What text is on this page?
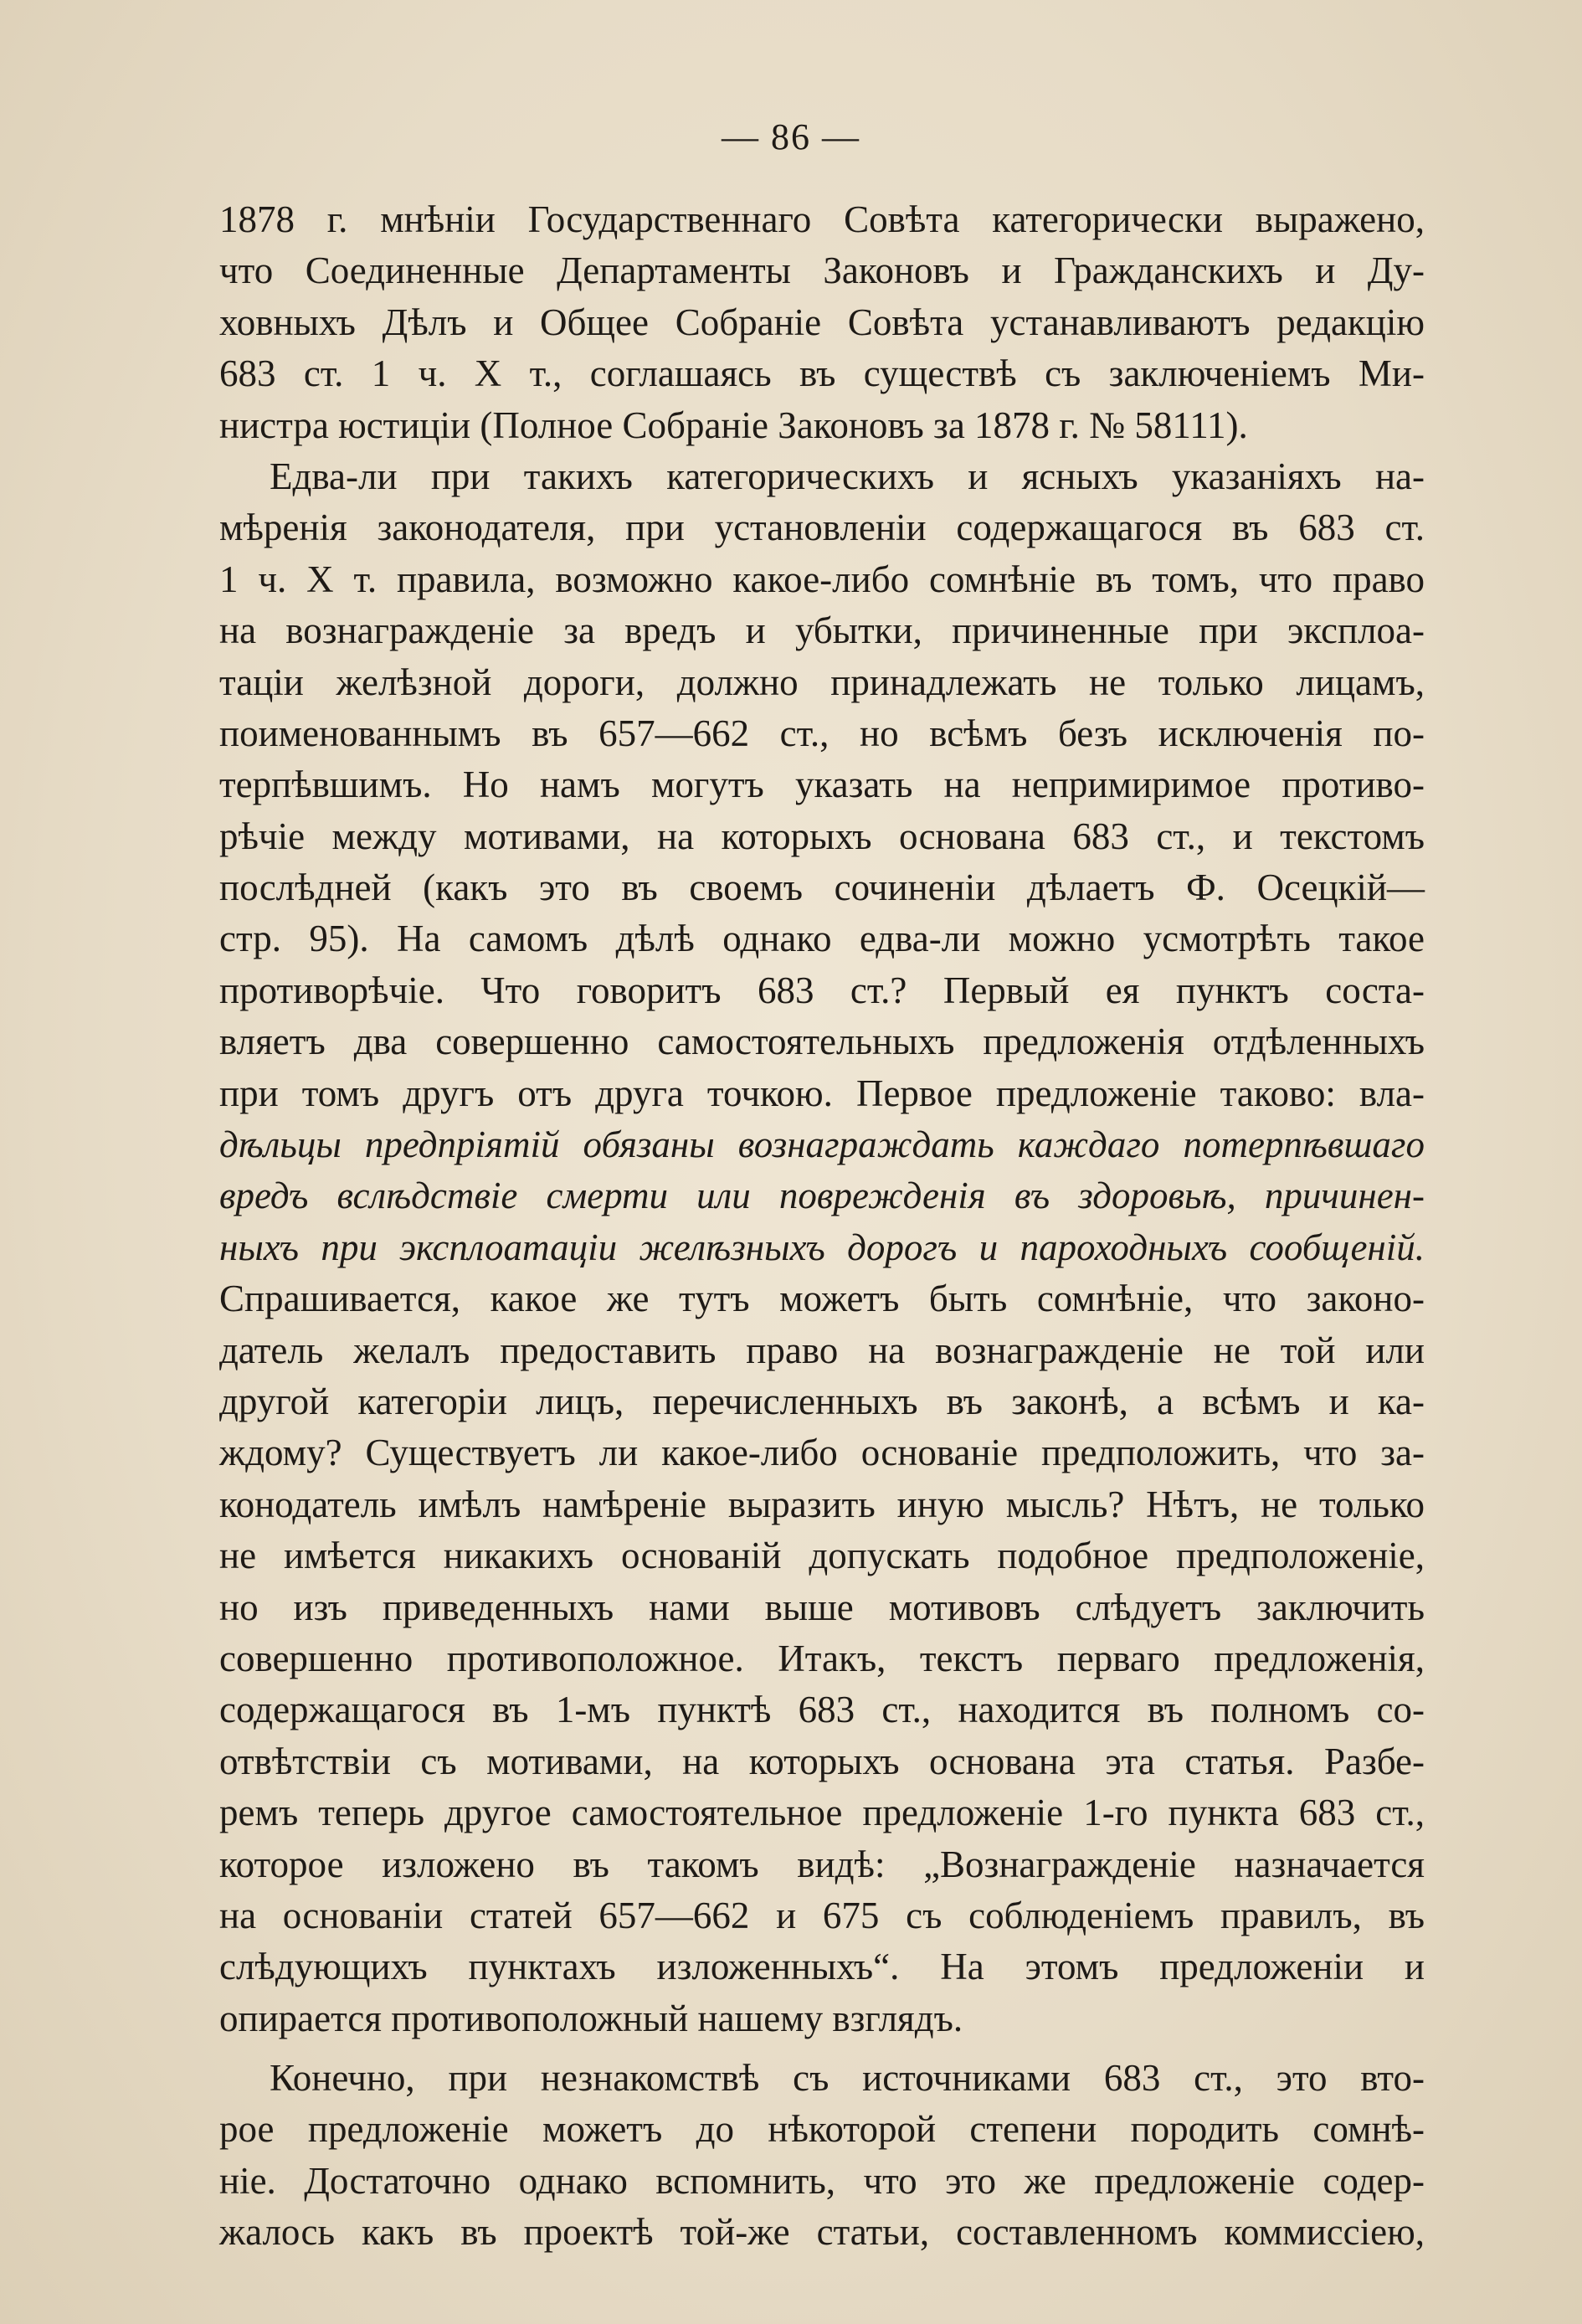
— 86 —
1878 г. мнѣніи Государственнаго Совѣта категорически выражено,
что Соединенные Департаменты Законовъ и Гражданскихъ и Ду-
ховныхъ Дѣлъ и Общее Собраніе Совѣта устанавливаютъ редакцію
683 ст. 1 ч. X т., соглашаясь въ существѣ съ заключеніемъ Ми-
нистра юстиціи (Полное Собраніе Законовъ за 1878 г. № 58111).
Едва-ли при такихъ категорическихъ и ясныхъ указаніяхъ на-
мѣренія законодателя, при установленіи содержащагося въ 683 ст.
1 ч. X т. правила, возможно какое-либо сомнѣніе въ томъ, что право
на вознагражденіе за вредъ и убытки, причиненные при эксплоа-
таціи желѣзной дороги, должно принадлежать не только лицамъ,
поименованнымъ въ 657—662 ст., но всѣмъ безъ исключенія по-
терпѣвшимъ. Но намъ могутъ указать на непримиримое противо-
рѣчіе между мотивами, на которыхъ основана 683 ст., и текстомъ
послѣдней (какъ это въ своемъ сочиненіи дѣлаетъ Ф. Осецкій—
стр. 95). На самомъ дѣлѣ однако едва-ли можно усмотрѣть такое
противорѣчіе. Что говоритъ 683 ст.? Первый ея пунктъ соста-
вляетъ два совершенно самостоятельныхъ предложенія отдѣленныхъ
при томъ другъ отъ друга точкою. Первое предложеніе таково: вла-
дѣльцы предпріятій обязаны вознаграждать каждаго потерпѣвшаго
вредъ вслѣдствіе смерти или поврежденія въ здоровьѣ, причинен-
ныхъ при эксплоатаціи желѣзныхъ дорогъ и пароходныхъ сообщеній.
Спрашивается, какое же тутъ можетъ быть сомнѣніе, что законо-
датель желалъ предоставить право на вознагражденіе не той или
другой категоріи лицъ, перечисленныхъ въ законѣ, а всѣмъ и ка-
ждому? Существуетъ ли какое-либо основаніе предположить, что за-
конодатель имѣлъ намѣреніе выразить иную мысль? Нѣтъ, не только
не имѣется никакихъ основаній допускать подобное предположеніе,
но изъ приведенныхъ нами выше мотивовъ слѣдуетъ заключить
совершенно противоположное. Итакъ, текстъ перваго предложенія,
содержащагося въ 1-мъ пунктѣ 683 ст., находится въ полномъ со-
отвѣтствіи съ мотивами, на которыхъ основана эта статья. Разбе-
ремъ теперь другое самостоятельное предложеніе 1-го пункта 683 ст.,
которое изложено въ такомъ видѣ: „Вознагражденіе назначается
на основаніи статей 657—662 и 675 съ соблюденіемъ правилъ, въ
слѣдующихъ пунктахъ изложенныхъ“. На этомъ предложеніи и
опирается противоположный нашему взглядъ.
Конечно, при незнакомствѣ съ источниками 683 ст., это вто-
рое предложеніе можетъ до нѣкоторой степени породить сомнѣ-
ніе. Достаточно однако вспомнить, что это же предложеніе содер-
жалось какъ въ проектѣ той-же статьи, составленномъ коммиссіею,
